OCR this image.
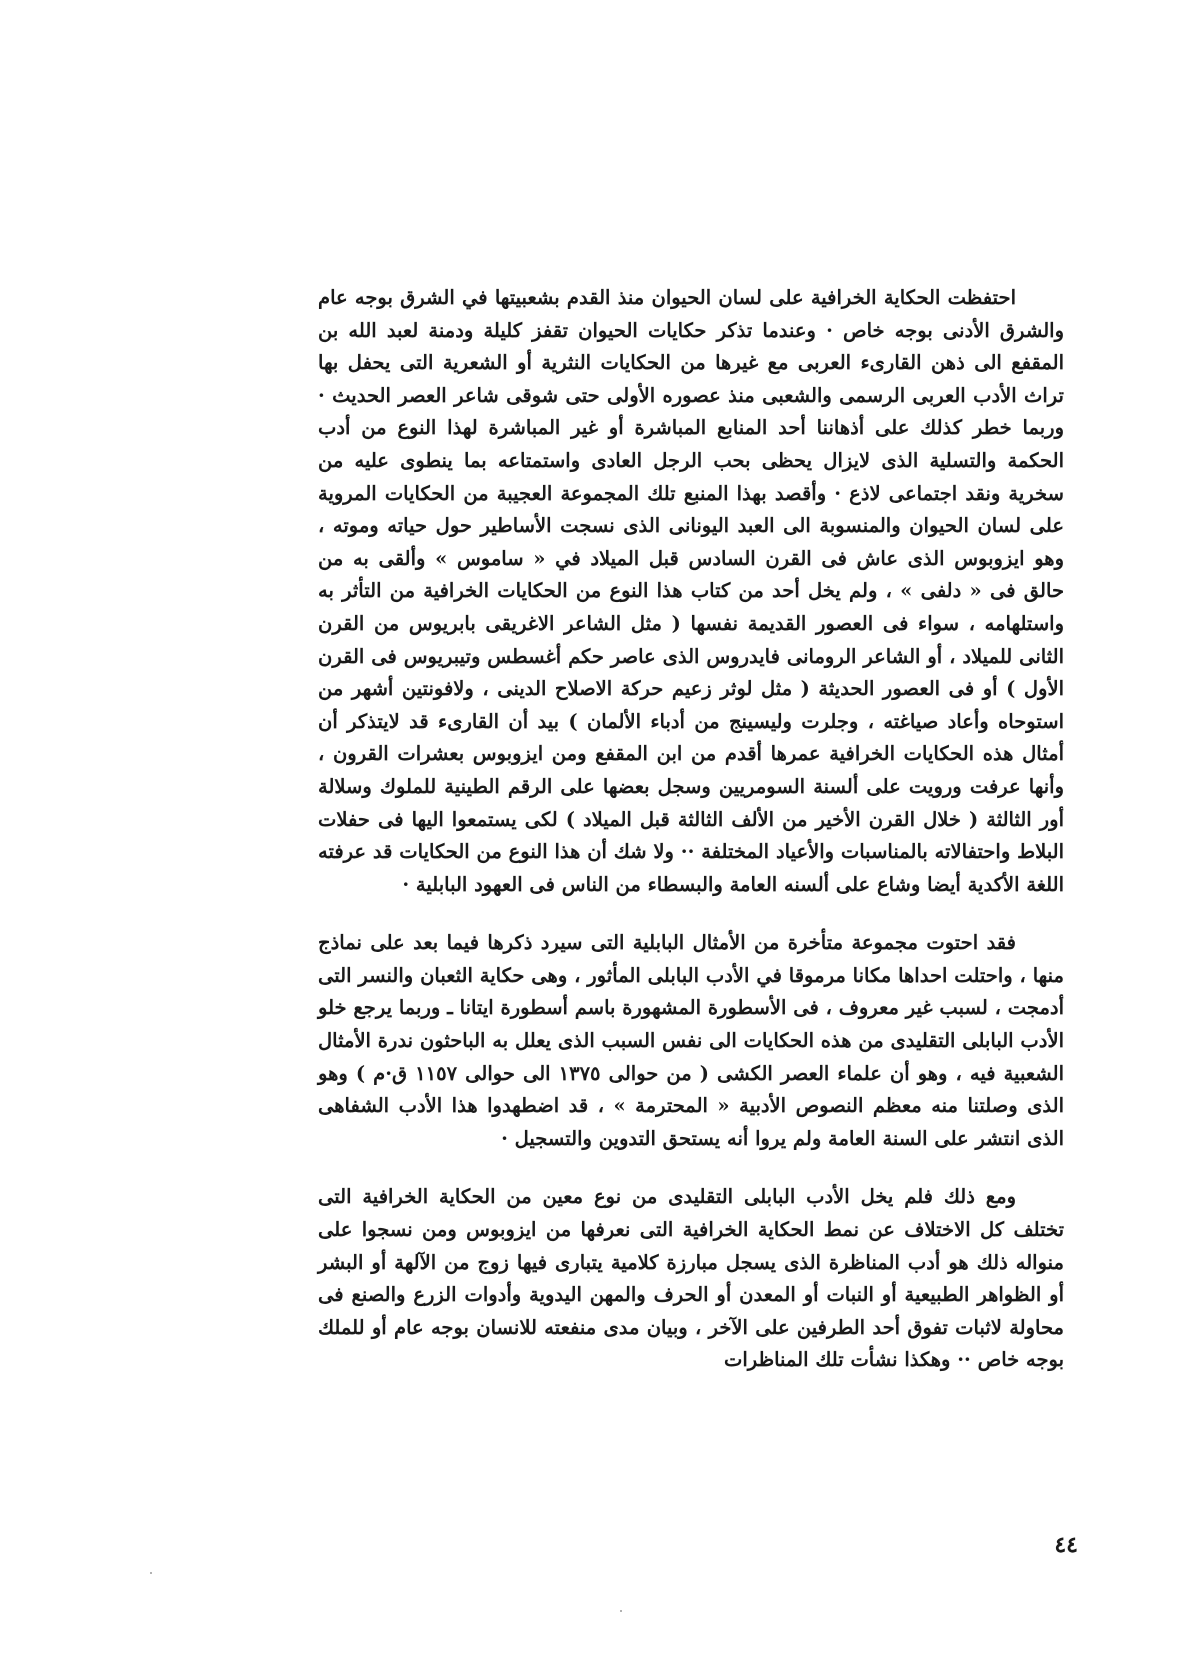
احتفظت الحكاية الخرافية على لسان الحيوان منذ القدم بشعبيتها في الشرق بوجه عام والشرق الأدنى بوجه خاص · وعندما تذكر حكايات الحيوان تقفز كليلة ودمنة لعبد الله بن المقفع الى ذهن القارىء العربى مع غيرها من الحكايات النثرية أو الشعرية التى يحفل بها تراث الأدب العربى الرسمى والشعبى منذ عصوره الأولى حتى شوقى شاعر العصر الحديث · وربما خطر كذلك على أذهاننا أحد المنابع المباشرة أو غير المباشرة لهذا النوع من أدب الحكمة والتسلية الذى لايزال يحظى بحب الرجل العادى واستمتاعه بما ينطوى عليه من سخرية ونقد اجتماعى لاذع · وأقصد بهذا المنبع تلك المجموعة العجيبة من الحكايات المروية على لسان الحيوان والمنسوبة الى العبد اليونانى الذى نسجت الأساطير حول حياته وموته ، وهو ايزوبوس الذى عاش فى القرن السادس قبل الميلاد في « ساموس » وألقى به من حالق فى « دلفى » ، ولم يخل أحد من كتاب هذا النوع من الحكايات الخرافية من التأثر به واستلهامه ، سواء فى العصور القديمة نفسها ( مثل الشاعر الاغريقى بابريوس من القرن الثانى للميلاد ، أو الشاعر الرومانى فايدروس الذى عاصر حكم أغسطس وتيبريوس فى القرن الأول ) أو فى العصور الحديثة ( مثل لوثر زعيم حركة الاصلاح الدينى ، ولافونتين أشهر من استوحاه وأعاد صياغته ، وجلرت وليسينج من أدباء الألمان ) بيد أن القارىء قد لايتذكر أن أمثال هذه الحكايات الخرافية عمرها أقدم من ابن المقفع ومن ايزوبوس بعشرات القرون ، وأنها عرفت ورويت على ألسنة السومريين وسجل بعضها على الرقم الطينية للملوك وسلالة أور الثالثة ( خلال القرن الأخير من الألف الثالثة قبل الميلاد ) لكى يستمعوا اليها فى حفلات البلاط واحتفالاته بالمناسبات والأعياد المختلفة ·· ولا شك أن هذا النوع من الحكايات قد عرفته اللغة الأكدية أيضا وشاع على ألسنه العامة والبسطاء من الناس فى العهود البابلية ·

فقد احتوت مجموعة متأخرة من الأمثال البابلية التى سيرد ذكرها فيما بعد على نماذج منها ، واحتلت احداها مكانا مرموقا في الأدب البابلى المأثور ، وهى حكاية الثعبان والنسر التى أدمجت ، لسبب غير معروف ، فى الأسطورة المشهورة باسم أسطورة ايتانا ـ وربما يرجع خلو الأدب البابلى التقليدى من هذه الحكايات الى نفس السبب الذى يعلل به الباحثون ندرة الأمثال الشعبية فيه ، وهو أن علماء العصر الكشى ( من حوالى ١٣٧٥ الى حوالى ١١٥٧ ق·م ) وهو الذى وصلتنا منه معظم النصوص الأدبية « المحترمة » ، قد اضطهدوا هذا الأدب الشفاهى الذى انتشر على السنة العامة ولم يروا أنه يستحق التدوين والتسجيل ·

ومع ذلك فلم يخل الأدب البابلى التقليدى من نوع معين من الحكاية الخرافية التى تختلف كل الاختلاف عن نمط الحكاية الخرافية التى نعرفها من ايزوبوس ومن نسجوا على منواله ذلك هو أدب المناظرة الذى يسجل مبارزة كلامية يتبارى فيها زوج من الآلهة أو البشر أو الظواهر الطبيعية أو النبات أو المعدن أو الحرف والمهن اليدوية وأدوات الزرع والصنع فى محاولة لاثبات تفوق أحد الطرفين على الآخر ، وبيان مدى منفعته للانسان بوجه عام أو للملك بوجه خاص ·· وهكذا نشأت تلك المناظرات

٤٤
